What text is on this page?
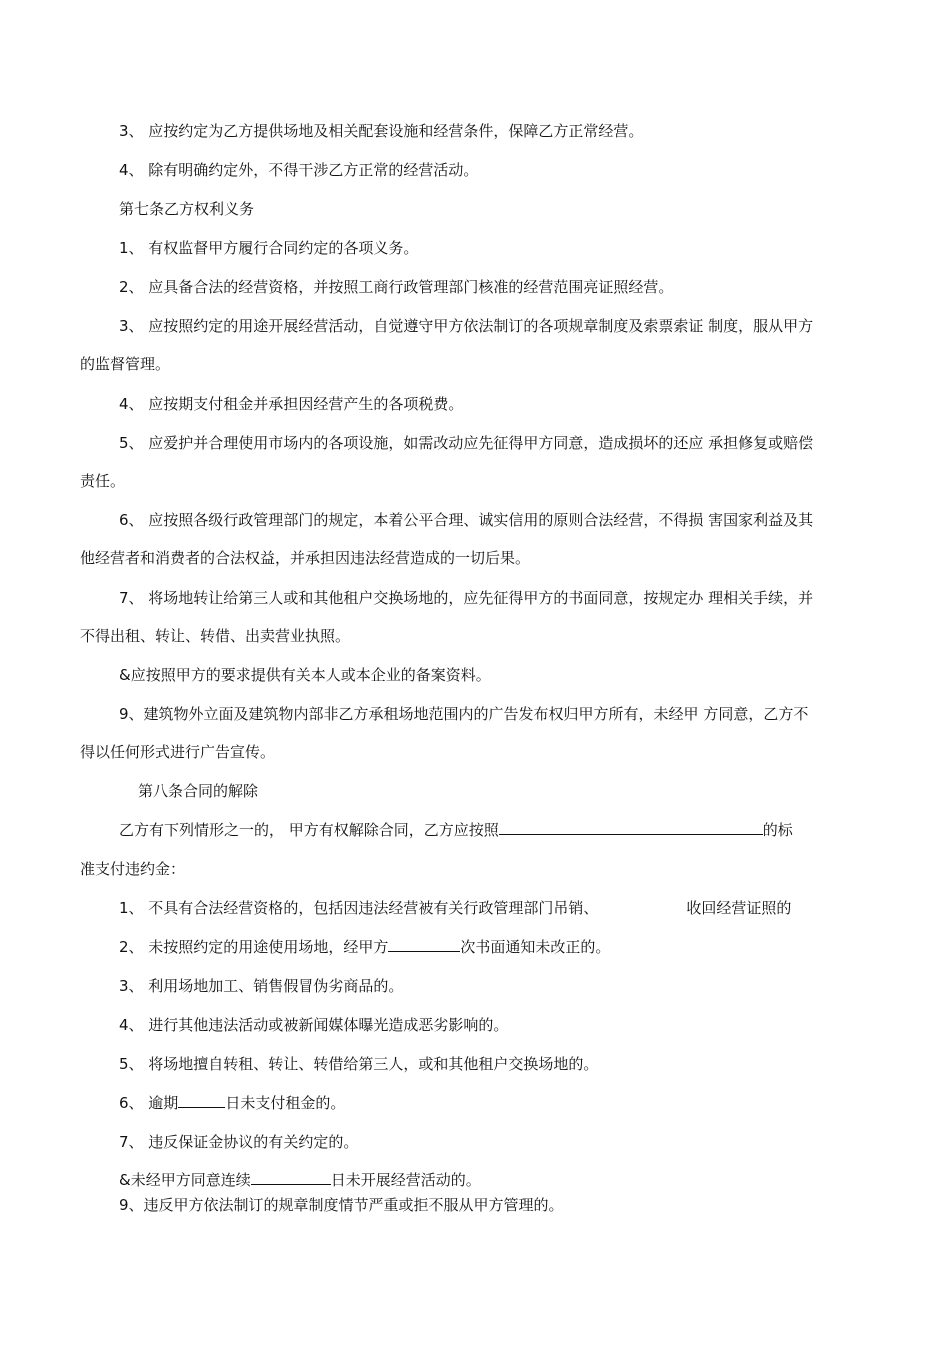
3、 应按约定为乙方提供场地及相关配套设施和经营条件，保障乙方正常经营。
4、 除有明确约定外，不得干涉乙方正常的经营活动。
第七条乙方权利义务
1、 有权监督甲方履行合同约定的各项义务。
2、 应具备合法的经营资格，并按照工商行政管理部门核准的经营范围亮证照经营。
3、 应按照约定的用途开展经营活动，自觉遵守甲方依法制订的各项规章制度及索票索证 制度，服从甲方
的监督管理。
4、 应按期支付租金并承担因经营产生的各项税费。
5、 应爱护并合理使用市场内的各项设施，如需改动应先征得甲方同意，造成损坏的还应 承担修复或赔偿
责任。
6、 应按照各级行政管理部门的规定，本着公平合理、诚实信用的原则合法经营，不得损 害国家利益及其
他经营者和消费者的合法权益，并承担因违法经营造成的一切后果。
7、 将场地转让给第三人或和其他租户交换场地的，应先征得甲方的书面同意，按规定办 理相关手续，并
不得出租、转让、转借、出卖营业执照。
&应按照甲方的要求提供有关本人或本企业的备案资料。
9、建筑物外立面及建筑物内部非乙方承租场地范围内的广告发布权归甲方所有，未经甲 方同意，乙方不
得以任何形式进行广告宣传。
第八条合同的解除
乙方有下列情形之一的， 甲方有权解除合同，乙方应按照	的标
准支付违约金：
1、 不具有合法经营资格的，包括因违法经营被有关行政管理部门吊销、	收回经营证照的
2、 未按照约定的用途使用场地，经甲方	次书面通知未改正的。
3、 利用场地加工、销售假冒伪劣商品的。
4、 进行其他违法活动或被新闻媒体曝光造成恶劣影响的。
5、 将场地擅自转租、转让、转借给第三人，或和其他租户交换场地的。
6、 逾期	日未支付租金的。
7、 违反保证金协议的有关约定的。
&未经甲方同意连续	日未开展经营活动的。
9、违反甲方依法制订的规章制度情节严重或拒不服从甲方管理的。
